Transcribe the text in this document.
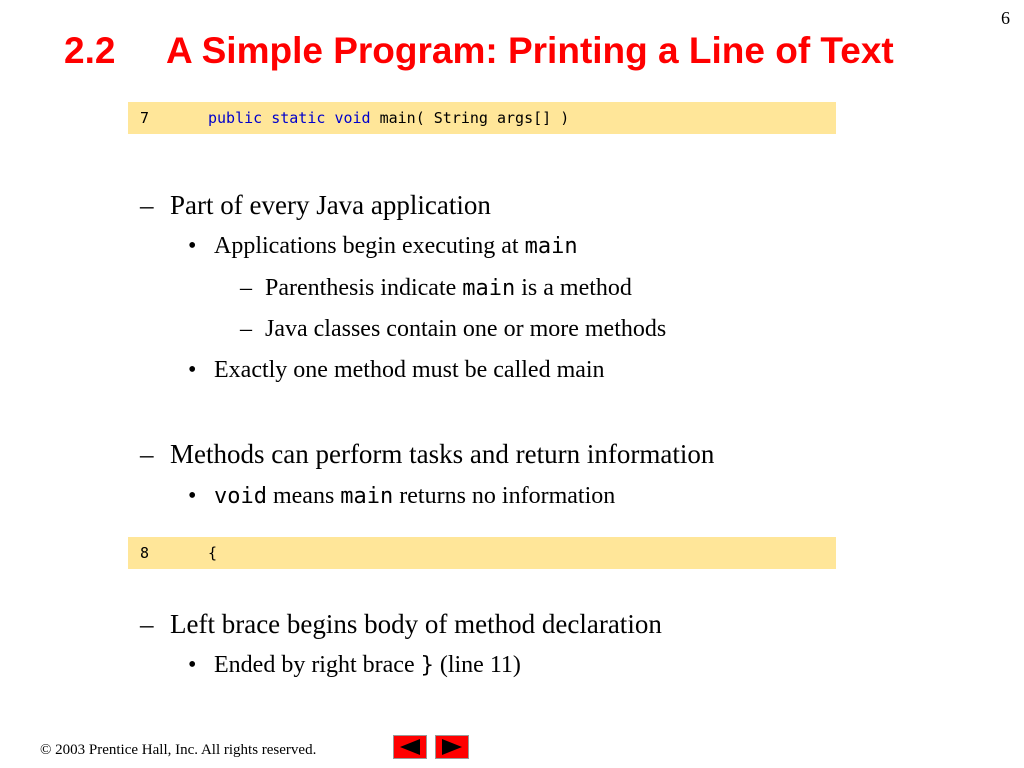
6
2.2 A Simple Program: Printing a Line of Text
7	public static void main( String args[] )
– Part of every Java application
• Applications begin executing at main
– Parenthesis indicate main is a method
– Java classes contain one or more methods
• Exactly one method must be called main
– Methods can perform tasks and return information
• void means main returns no information
8	{
– Left brace begins body of method declaration
• Ended by right brace } (line 11)
© 2003 Prentice Hall, Inc. All rights reserved.
